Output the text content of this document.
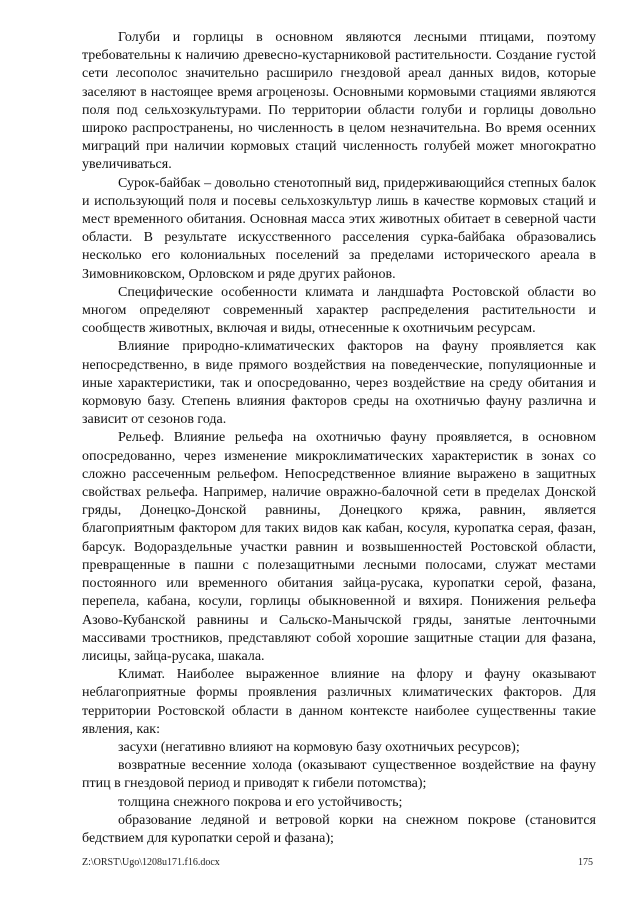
Голуби и горлицы в основном являются лесными птицами, поэтому требовательны к наличию древесно-кустарниковой растительности. Создание густой сети лесополос значительно расширило гнездовой ареал данных видов, которые заселяют в настоящее время агроценозы. Основными кормовыми стациями являются поля под сельхозкультурами. По территории области голуби и горлицы довольно широко распространены, но численность в целом незначительна. Во время осенних миграций при наличии кормовых стаций численность голубей может многократно увеличиваться.

Сурок-байбак – довольно стенотопный вид, придерживающийся степных балок и использующий поля и посевы сельхозкультур лишь в качестве кормовых стаций и мест временного обитания. Основная масса этих животных обитает в северной части области. В результате искусственного расселения сурка-байбака образовались несколько его колониальных поселений за пределами исторического ареала в Зимовниковском, Орловском и ряде других районов.

Специфические особенности климата и ландшафта Ростовской области во многом определяют современный характер распределения растительности и сообществ животных, включая и виды, отнесенные к охотничьим ресурсам.

Влияние природно-климатических факторов на фауну проявляется как непосредственно, в виде прямого воздействия на поведенческие, популяционные и иные характеристики, так и опосредованно, через воздействие на среду обитания и кормовую базу. Степень влияния факторов среды на охотничью фауну различна и зависит от сезонов года.

Рельеф. Влияние рельефа на охотничью фауну проявляется, в основном опосредованно, через изменение микроклиматических характеристик в зонах со сложно рассеченным рельефом. Непосредственное влияние выражено в защитных свойствах рельефа. Например, наличие овражно-балочной сети в пределах Донской гряды, Донецко-Донской равнины, Донецкого кряжа, равнин, является благоприятным фактором для таких видов как кабан, косуля, куропатка серая, фазан, барсук. Водораздельные участки равнин и возвышенностей Ростовской области, превращенные в пашни с полезащитными лесными полосами, служат местами постоянного или временного обитания зайца-русака, куропатки серой, фазана, перепела, кабана, косули, горлицы обыкновенной и вяхиря. Понижения рельефа Азово-Кубанской равнины и Сальско-Манычской гряды, занятые ленточными массивами тростников, представляют собой хорошие защитные стации для фазана, лисицы, зайца-русака, шакала.

Климат. Наиболее выраженное влияние на флору и фауну оказывают неблагоприятные формы проявления различных климатических факторов. Для территории Ростовской области в данном контексте наиболее существенны такие явления, как:

засухи (негативно влияют на кормовую базу охотничьих ресурсов);

возвратные весенние холода (оказывают существенное воздействие на фауну птиц в гнездовой период и приводят к гибели потомства);

толщина снежного покрова и его устойчивость;

образование ледяной и ветровой корки на снежном покрове (становится бедствием для куропатки серой и фазана);

Z:\ORST\Ugo\1208u171.f16.docx	175
